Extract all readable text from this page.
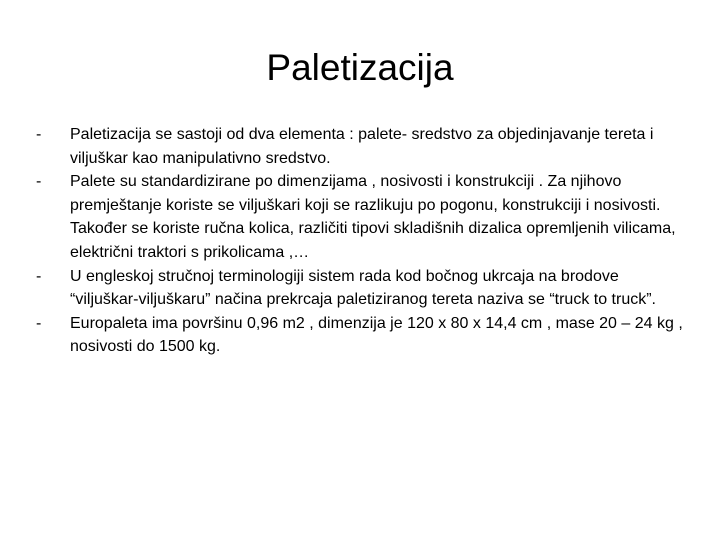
Paletizacija
-	Paletizacija se sastoji od dva elementa : palete- sredstvo za objedinjavanje tereta i viljuškar kao manipulativno sredstvo.
-	Palete su standardizirane po dimenzijama , nosivosti i konstrukciji . Za njihovo premještanje koriste se viljuškari koji se razlikuju po pogonu, konstrukciji i nosivosti. Također se koriste ručna kolica, različiti tipovi skladišnih dizalica opremljenih vilicama, električni traktori s prikolicama ,…
-	U engleskoj stručnoj terminologiji sistem rada kod bočnog ukrcaja na brodove “viljuškar-viljuškaru” načina prekrcaja paletiziranog tereta naziva se “truck to truck”.
-	Europaleta ima površinu 0,96 m2 , dimenzija je 120 x 80 x 14,4 cm , mase 20 – 24 kg , nosivosti do 1500 kg.
